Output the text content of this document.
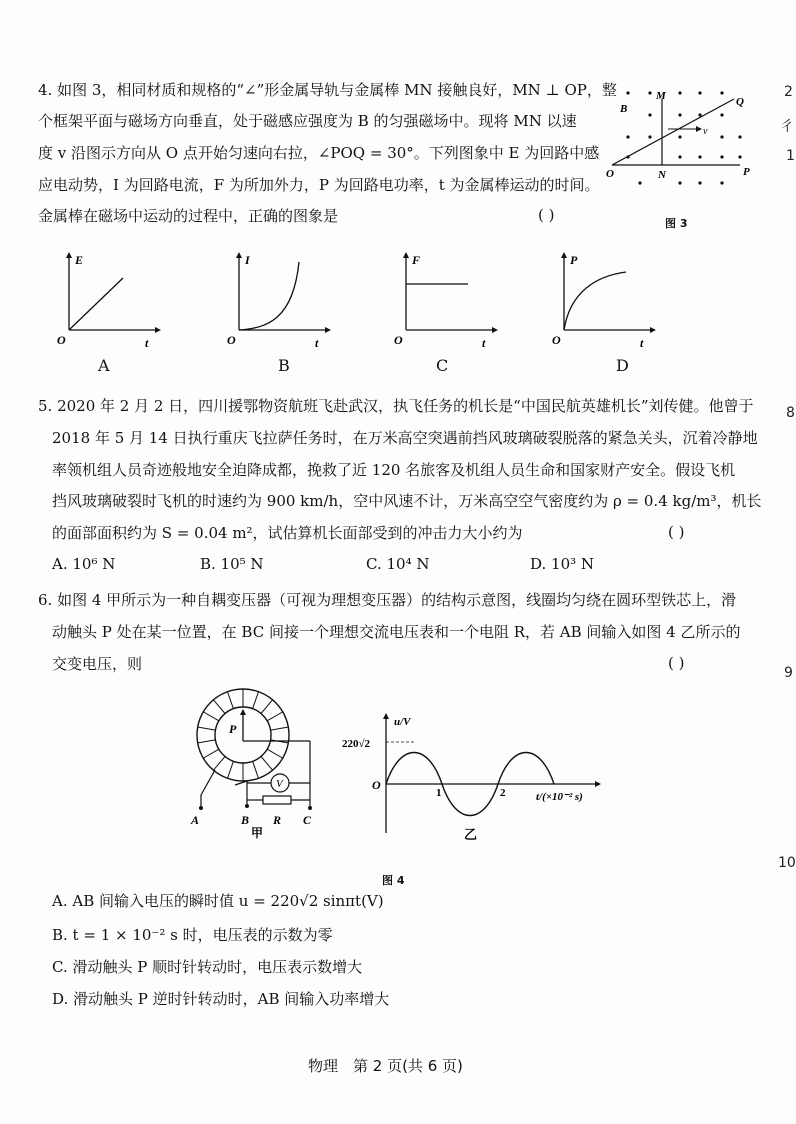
4. 如图 3，相同材质和规格的“∠”形金属导轨与金属棒 MN 接触良好，MN ⊥ OP，整
个框架平面与磁场方向垂直，处于磁感应强度为 B 的匀强磁场中。现将 MN 以速
度 v 沿图示方向从 O 点开始匀速向右拉，∠POQ = 30°。下列图象中 E 为回路中感
应电动势，I 为回路电流，F 为所加外力，P 为回路电功率，t 为金属棒运动的时间。
金属棒在磁场中运动的过程中，正确的图象是	( )
O	P
Q
M
N
B
v
图 3
E
O	t
A
I
O	t
B
F
O	t
C
P
O	t
D
5. 2020 年 2 月 2 日，四川援鄂物资航班飞赴武汉，执飞任务的机长是“中国民航英雄机长”刘传健。他曾于
2018 年 5 月 14 日执行重庆飞拉萨任务时，在万米高空突遇前挡风玻璃破裂脱落的紧急关头，沉着冷静地
率领机组人员奇迹般地安全迫降成都，挽救了近 120 名旅客及机组人员生命和国家财产安全。假设飞机
挡风玻璃破裂时飞机的时速约为 900 km/h，空中风速不计，万米高空空气密度约为 ρ = 0.4 kg/m³，机长
的面部面积约为 S = 0.04 m²，试估算机长面部受到的冲击力大小约为	( )
A. 10⁶ N	B. 10⁵ N	C. 10⁴ N	D. 10³ N
6. 如图 4 甲所示为一种自耦变压器（可视为理想变压器）的结构示意图，线圈均匀绕在圆环型铁芯上，滑
动触头 P 处在某一位置，在 BC 间接一个理想交流电压表和一个电阻 R，若 AB 间输入如图 4 乙所示的
交变电压，则	( )
P
V
A	B R C
甲
u/V
220√2
O
1	2	t/(×10⁻² s)
乙
图 4
A. AB 间输入电压的瞬时值 u = 220√2 sinπt(V)
B. t = 1 × 10⁻² s 时，电压表的示数为零
C. 滑动触头 P 顺时针转动时，电压表示数增大
D. 滑动触头 P 逆时针转动时，AB 间输入功率增大
物理　第 2 页(共 6 页)
2
彳
1
8
9
10
